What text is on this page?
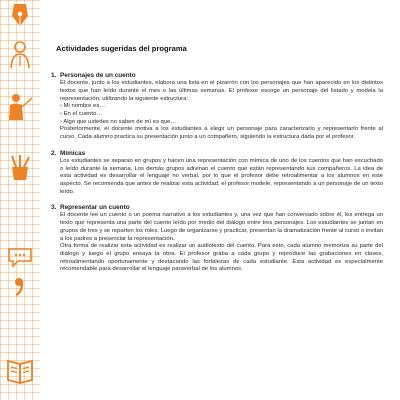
Actividades sugeridas del programa
1. Personajes de un cuento

El docente, junto a los estudiantes, elabora una lista en el pizarrón con los personajes que han aparecido en los distintos textos que han leído durante el mes o las últimas semanas. El profesor escoge un personaje del listado y modela la representación, utilizando la siguiente estructura:

› Mi nombre es…

› En el cuento…

› Algo que ustedes no saben de mí es que…

Posteriormente, el docente motiva a los estudiantes a elegir un personaje para caracterizarlo y representarlo frente al curso. Cada alumno practica su presentación junto a un compañero, siguiendo la estructura dada por el profesor.

2. Mímicas

Los estudiantes se separan en grupos y hacen una representación con mímica de uno de los cuentos que han escuchado o leído durante la semana. Los demás grupos adivinan el cuento que están representando sus compañeros. La idea de esta actividad es desarrollar el lenguaje no verbal, por lo que el profesor debe retroalimentar a los alumnos en este aspecto. Se recomienda que antes de realizar esta actividad, el profesor modele, representando a un personaje de un texto leído.

3. Representar un cuento

El docente lee un cuento o un poema narrativo a los estudiantes y, una vez que han conversado sobre él, les entrega un texto que representa una parte del cuento leído por medio del diálogo entre tres personajes. Los estudiantes se juntan en grupos de tres y se reparten los roles. Luego de organizarse y practicar, presentan la dramatización frente al curso o invitan a los padres a presenciar la representación.

Otra forma de realizar esta actividad es realizar un audiotexto del cuento. Para esto, cada alumno memoriza su parte del diálogo y luego el grupo ensaya la obra. El profesor graba a cada grupo y reproduce las grabaciones en clases, retroalimentando oportunamente y destacando las fortalezas de cada estudiante. Esta actividad es especialmente recomendable para desarrollar el lenguaje paraverbal de los alumnos.
